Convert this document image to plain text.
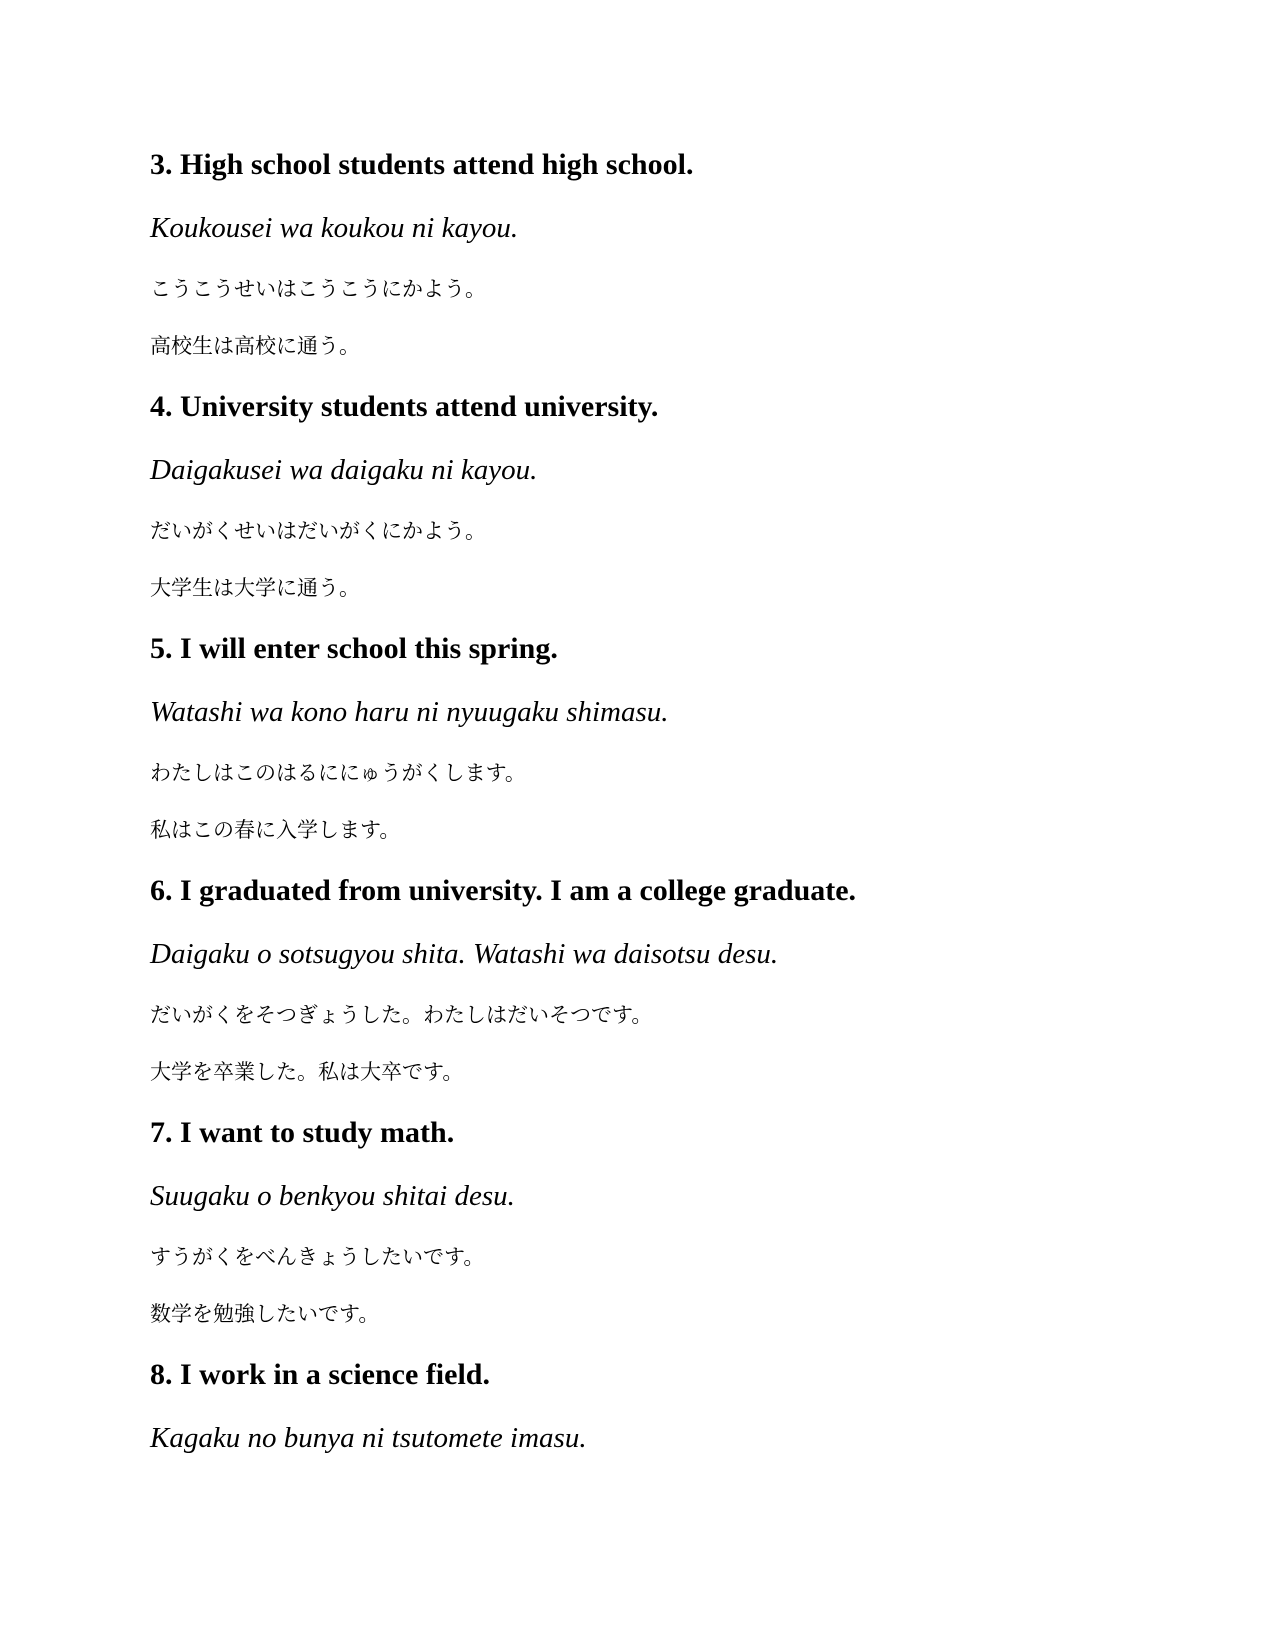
3. High school students attend high school.

Koukousei wa koukou ni kayou.

こうこうせいはこうこうにかよう。

高校生は高校に通う。

4. University students attend university.

Daigakusei wa daigaku ni kayou.

だいがくせいはだいがくにかよう。

大学生は大学に通う。

5. I will enter school this spring.

Watashi wa kono haru ni nyuugaku shimasu.

わたしはこのはるににゅうがくします。

私はこの春に入学します。

6. I graduated from university. I am a college graduate.

Daigaku o sotsugyou shita. Watashi wa daisotsu desu.

だいがくをそつぎょうした。わたしはだいそつです。

大学を卒業した。私は大卒です。

7. I want to study math.

Suugaku o benkyou shitai desu.

すうがくをべんきょうしたいです。

数学を勉強したいです。

8. I work in a science field.

Kagaku no bunya ni tsutomete imasu.
